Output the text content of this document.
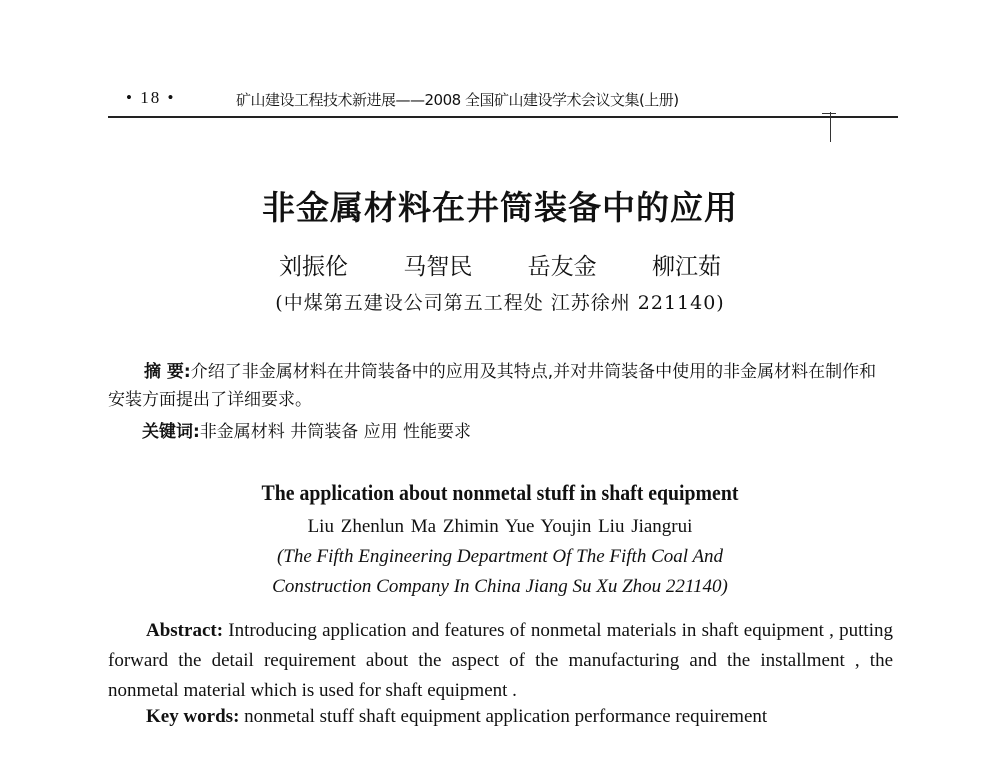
• 18 •	矿山建设工程技术新进展——2008 全国矿山建设学术会议文集(上册)
非金属材料在井筒装备中的应用
刘振伦 马智民 岳友金 柳江茹
(中煤第五建设公司第五工程处 江苏徐州 221140)
摘 要:介绍了非金属材料在井筒装备中的应用及其特点,并对井筒装备中使用的非金属材料在制作和安装方面提出了详细要求。
关键词:非金属材料 井筒装备 应用 性能要求
The application about nonmetal stuff in shaft equipment
Liu Zhenlun Ma Zhimin Yue Youjin Liu Jiangrui
(The Fifth Engineering Department Of The Fifth Coal And
Construction Company In China Jiang Su Xu Zhou 221140)
Abstract: Introducing application and features of nonmetal materials in shaft equipment , putting forward the detail requirement about the aspect of the manufacturing and the installment , the nonmetal material which is used for shaft equipment .
Key words: nonmetal stuff shaft equipment application performance requirement
